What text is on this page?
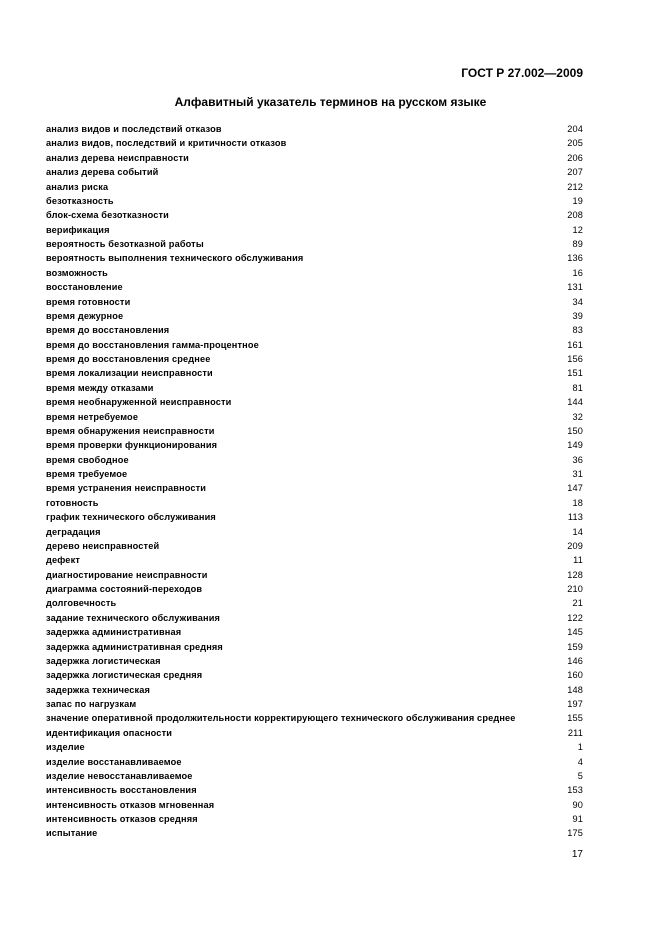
ГОСТ Р 27.002—2009
Алфавитный указатель терминов на русском языке
анализ видов и последствий отказов	204
анализ видов, последствий и критичности отказов	205
анализ дерева неисправности	206
анализ дерева событий	207
анализ риска	212
безотказность	19
блок-схема безотказности	208
верификация	12
вероятность безотказной работы	89
вероятность выполнения технического обслуживания	136
возможность	16
восстановление	131
время готовности	34
время дежурное	39
время до восстановления	83
время до восстановления гамма-процентное	161
время до восстановления среднее	156
время локализации неисправности	151
время между отказами	81
время необнаруженной неисправности	144
время нетребуемое	32
время обнаружения неисправности	150
время проверки функционирования	149
время свободное	36
время требуемое	31
время устранения неисправности	147
готовность	18
график технического обслуживания	113
деградация	14
дерево неисправностей	209
дефект	11
диагностирование неисправности	128
диаграмма состояний-переходов	210
долговечность	21
задание технического обслуживания	122
задержка административная	145
задержка административная средняя	159
задержка логистическая	146
задержка логистическая средняя	160
задержка техническая	148
запас по нагрузкам	197
значение оперативной продолжительности корректирующего технического обслуживания среднее	155
идентификация опасности	211
изделие	1
изделие восстанавливаемое	4
изделие невосстанавливаемое	5
интенсивность восстановления	153
интенсивность отказов мгновенная	90
интенсивность отказов средняя	91
испытание	175
17
